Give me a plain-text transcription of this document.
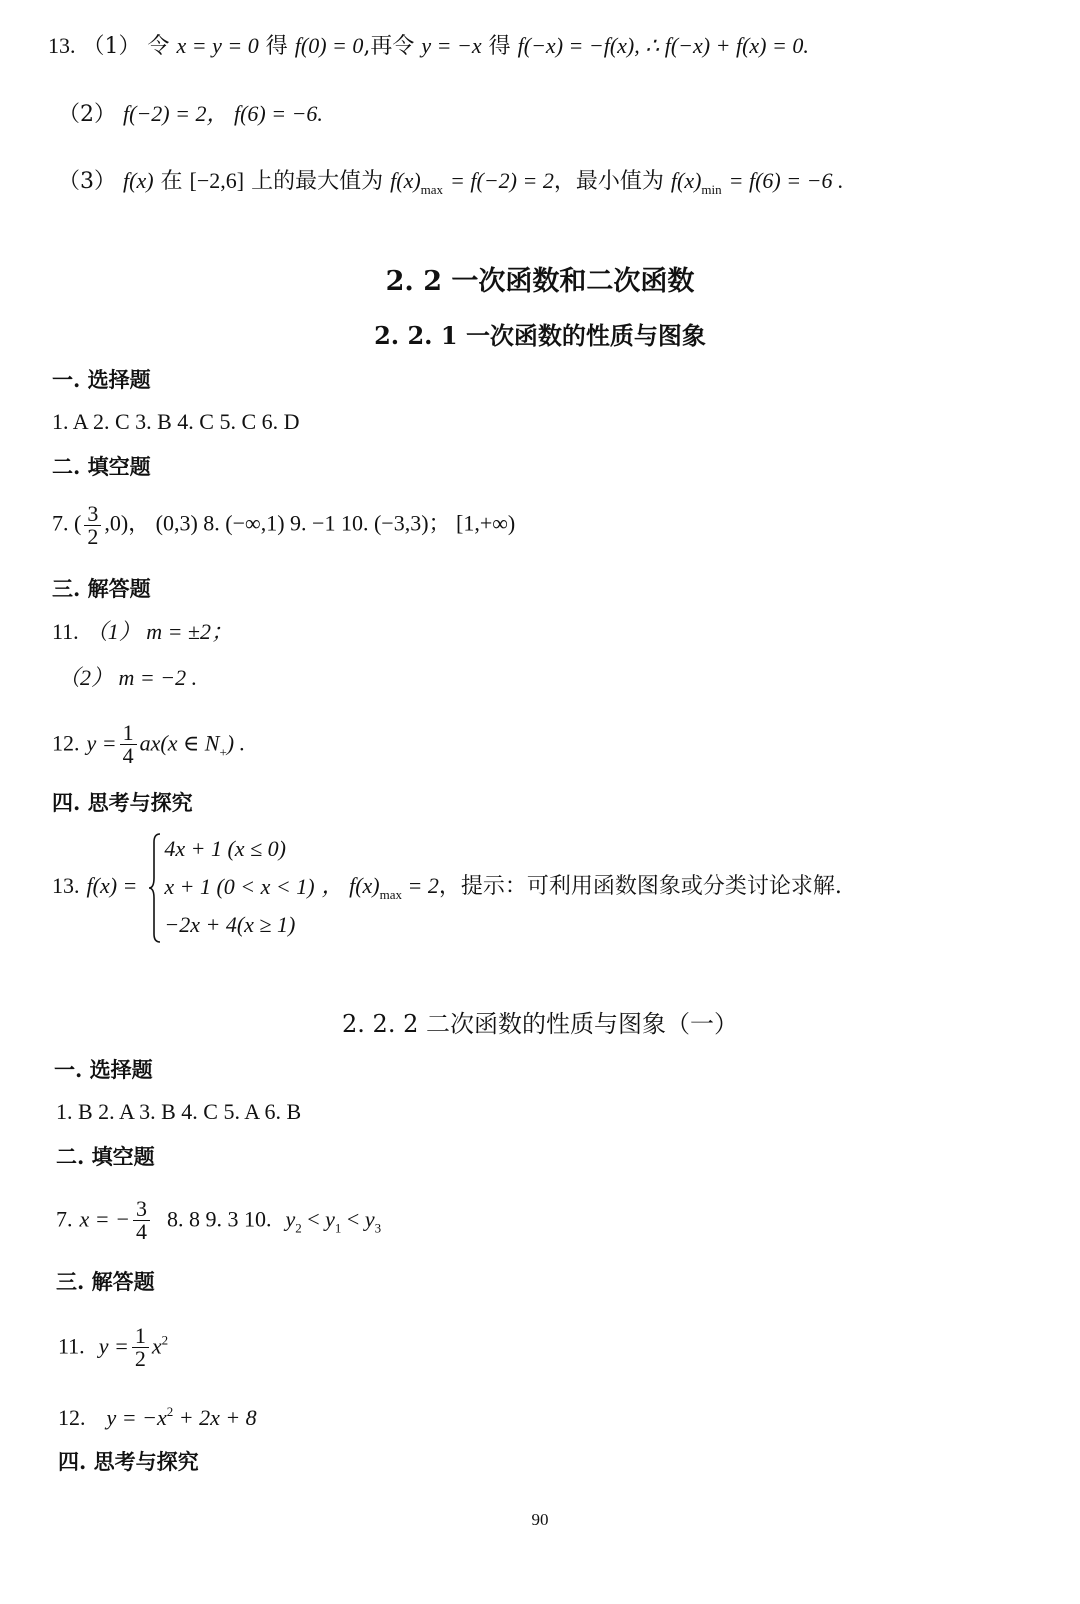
13. （1） 令 x = y = 0 得 f(0) = 0,再令 y = −x 得 f(−x) = −f(x), ∴ f(−x) + f(x) = 0.
（2） f(−2) = 2， f(6) = −6.
（3） f(x) 在 [−2,6] 上的最大值为 $f(x)_{max} = f(-2) = 2$，最小值为 $f(x)_{min} = f(6) = -6$ .
2. 2 一次函数和二次函数
2. 2. 1 一次函数的性质与图象
一. 选择题
1. A 2. C 3. B 4. C 5. C 6. D
二. 填空题
7. ( $\frac{3}{2} ,0$)， (0,3) 8. (−∞,1) 9. −1 10. (−3,3)； [1,+∞)
三. 解答题
11. （1） m = ±2；
（2） m = −2 .
12. $y = \frac{1}{4} ax(x$ ∈ $N_+$) .
四. 思考与探究
13. f(x) =
4x + 1 (x ≤ 0)
x + 1 (0 < x < 1)
−2x + 4(x ≥ 1)
， $f(x)_{max} = 2$，提示：可利用函数图象或分类讨论求解.
2. 2. 2 二次函数的性质与图象（一）
一. 选择题
1. B 2. A 3. B 4. C 5. A 6. B
二. 填空题
7. x = − $\frac{3}{4} 8$. 8 9. 3 10. $y_2 < y_1 < y_3$
三. 解答题
11. $y = \frac{1}{2} x^2$
12. $y = -x^2 + 2x + 8$
四. 思考与探究
90
